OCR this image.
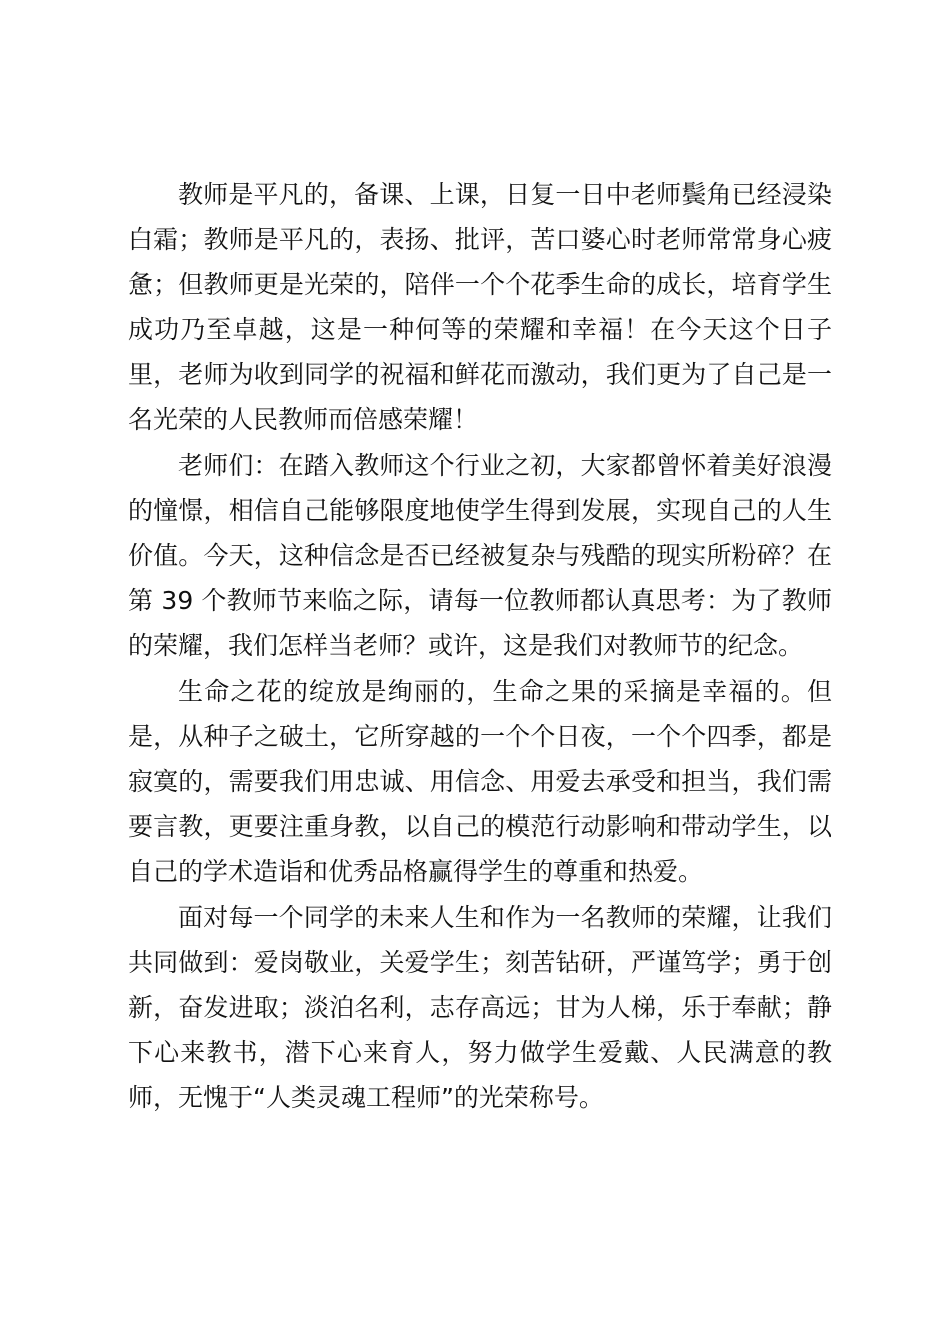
教师是平凡的，备课、上课，日复一日中老师鬓角已经浸染白霜；教师是平凡的，表扬、批评，苦口婆心时老师常常身心疲惫；但教师更是光荣的，陪伴一个个花季生命的成长，培育学生成功乃至卓越，这是一种何等的荣耀和幸福！在今天这个日子里，老师为收到同学的祝福和鲜花而激动，我们更为了自己是一名光荣的人民教师而倍感荣耀！

老师们：在踏入教师这个行业之初，大家都曾怀着美好浪漫的憧憬，相信自己能够限度地使学生得到发展，实现自己的人生价值。今天，这种信念是否已经被复杂与残酷的现实所粉碎？在第 39 个教师节来临之际，请每一位教师都认真思考：为了教师的荣耀，我们怎样当老师？或许，这是我们对教师节的纪念。

生命之花的绽放是绚丽的，生命之果的采摘是幸福的。但是，从种子之破土，它所穿越的一个个日夜，一个个四季，都是寂寞的，需要我们用忠诚、用信念、用爱去承受和担当，我们需要言教，更要注重身教，以自己的模范行动影响和带动学生，以自己的学术造诣和优秀品格赢得学生的尊重和热爱。

面对每一个同学的未来人生和作为一名教师的荣耀，让我们共同做到：爱岗敬业，关爱学生；刻苦钻研，严谨笃学；勇于创新，奋发进取；淡泊名利，志存高远；甘为人梯，乐于奉献；静下心来教书，潜下心来育人，努力做学生爱戴、人民满意的教师，无愧于“人类灵魂工程师”的光荣称号。
